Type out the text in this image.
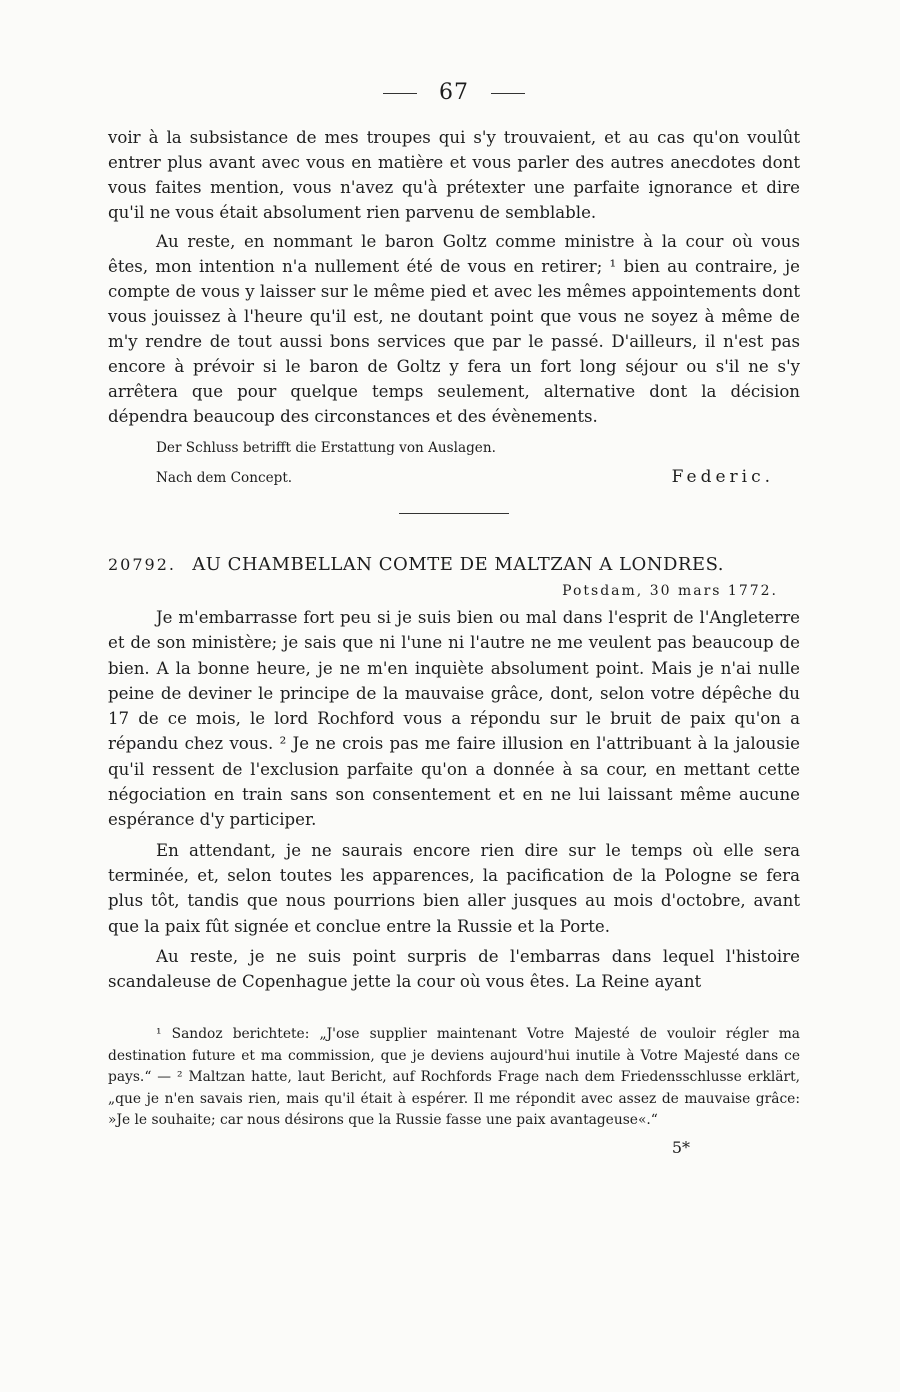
67

voir à la subsistance de mes troupes qui s'y trouvaient, et au cas qu'on voulût entrer plus avant avec vous en matière et vous parler des autres anecdotes dont vous faites mention, vous n'avez qu'à prétexter une parfaite ignorance et dire qu'il ne vous était absolument rien parvenu de semblable.

Au reste, en nommant le baron Goltz comme ministre à la cour où vous êtes, mon intention n'a nullement été de vous en retirer; ¹ bien au contraire, je compte de vous y laisser sur le même pied et avec les mêmes appointements dont vous jouissez à l'heure qu'il est, ne doutant point que vous ne soyez à même de m'y rendre de tout aussi bons services que par le passé. D'ailleurs, il n'est pas encore à prévoir si le baron de Goltz y fera un fort long séjour ou s'il ne s'y arrêtera que pour quelque temps seulement, alternative dont la décision dépendra beaucoup des circonstances et des évènements.

Der Schluss betrifft die Erstattung von Auslagen.
Nach dem Concept.	Federic.
20792. AU CHAMBELLAN COMTE DE MALTZAN A LONDRES.
Potsdam, 30 mars 1772.

Je m'embarrasse fort peu si je suis bien ou mal dans l'esprit de l'Angleterre et de son ministère; je sais que ni l'une ni l'autre ne me veulent pas beaucoup de bien. A la bonne heure, je ne m'en inquiète absolument point. Mais je n'ai nulle peine de deviner le principe de la mauvaise grâce, dont, selon votre dépêche du 17 de ce mois, le lord Rochford vous a répondu sur le bruit de paix qu'on a répandu chez vous. ² Je ne crois pas me faire illusion en l'attribuant à la jalousie qu'il ressent de l'exclusion parfaite qu'on a donnée à sa cour, en mettant cette négociation en train sans son consentement et en ne lui laissant même aucune espérance d'y participer.

En attendant, je ne saurais encore rien dire sur le temps où elle sera terminée, et, selon toutes les apparences, la pacification de la Pologne se fera plus tôt, tandis que nous pourrions bien aller jusques au mois d'octobre, avant que la paix fût signée et conclue entre la Russie et la Porte.

Au reste, je ne suis point surpris de l'embarras dans lequel l'histoire scandaleuse de Copenhague jette la cour où vous êtes. La Reine ayant

¹ Sandoz berichtete: „J'ose supplier maintenant Votre Majesté de vouloir régler ma destination future et ma commission, que je deviens aujourd'hui inutile à Votre Majesté dans ce pays.“ — ² Maltzan hatte, laut Bericht, auf Rochfords Frage nach dem Friedensschlusse erklärt, „que je n'en savais rien, mais qu'il était à espérer. Il me répondit avec assez de mauvaise grâce: »Je le souhaite; car nous désirons que la Russie fasse une paix avantageuse«.“

5*
